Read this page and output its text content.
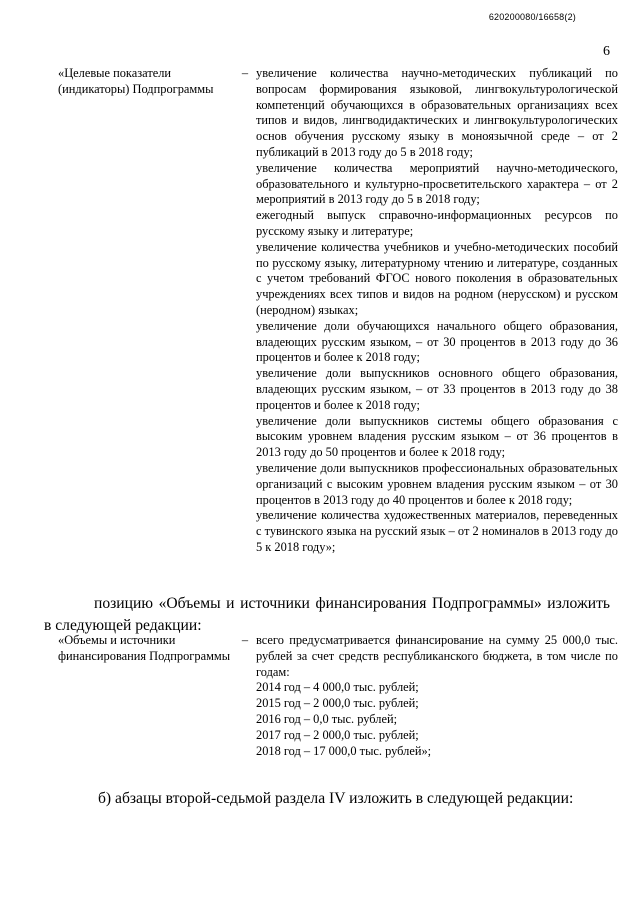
620200080/16658(2)
6
«Целевые показатели (индикаторы) Подпрограммы
– увеличение количества научно-методических публикаций по вопросам формирования языковой, лингвокультурологической компетенций обучающихся в образовательных организациях всех типов и видов, лингводидактических и лингвокультурологических основ обучения русскому языку в моноязычной среде – от 2 публикаций в 2013 году до 5 в 2018 году;
увеличение количества мероприятий научно-методического, образовательного и культурно-просветительского характера – от 2 мероприятий в 2013 году до 5 в 2018 году;
ежегодный выпуск справочно-информационных ресурсов по русскому языку и литературе;
увеличение количества учебников и учебно-методических пособий по русскому языку, литературному чтению и литературе, созданных с учетом требований ФГОС нового поколения в образовательных учреждениях всех типов и видов на родном (нерусском) и русском (неродном) языках;
увеличение доли обучающихся начального общего образования, владеющих русским языком, – от 30 процентов в 2013 году до 36 процентов и более к 2018 году;
увеличение доли выпускников основного общего образования, владеющих русским языком, – от 33 процентов в 2013 году до 38 процентов и более к 2018 году;
увеличение доли выпускников системы общего образования с высоким уровнем владения русским языком – от 36 процентов в 2013 году до 50 процентов и более к 2018 году;
увеличение доли выпускников профессиональных образовательных организаций с высоким уровнем владения русским языком – от 30 процентов в 2013 году до 40 процентов и более к 2018 году;
увеличение количества художественных материалов, переведенных с тувинского языка на русский язык – от 2 номиналов в 2013 году до 5 к 2018 году»;

позицию «Объемы и источники финансирования Подпрограммы» изложить в следующей редакции:

«Объемы и источники финансирования Подпрограммы
– всего предусматривается финансирование на сумму 25 000,0 тыс. рублей за счет средств республиканского бюджета, в том числе по годам:
2014 год – 4 000,0 тыс. рублей;
2015 год – 2 000,0 тыс. рублей;
2016 год – 0,0 тыс. рублей;
2017 год – 2 000,0 тыс. рублей;
2018 год – 17 000,0 тыс. рублей»;

б) абзацы второй-седьмой раздела IV изложить в следующей редакции:
